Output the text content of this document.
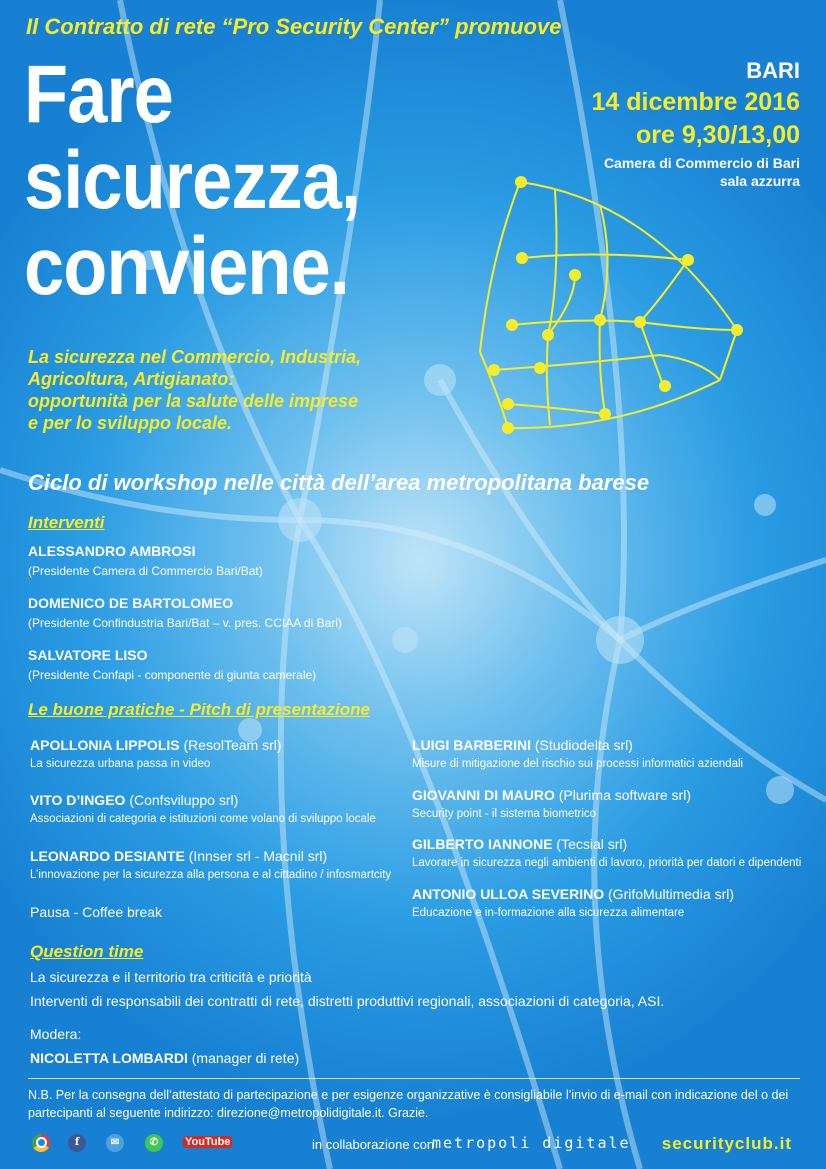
Il Contratto di rete “Pro Security Center” promuove

Fare
sicurezza,
conviene.
BARI
14 dicembre 2016
ore 9,30/13,00
Camera di Commercio di Bari
sala azzurra
La sicurezza nel Commercio, Industria,
Agricoltura, Artigianato:
opportunità per la salute delle imprese
e per lo sviluppo locale.
Ciclo di workshop nelle città dell’area metropolitana barese
Interventi
ALESSANDRO AMBROSI
(Presidente Camera di Commercio Bari/Bat)
DOMENICO DE BARTOLOMEO
(Presidente Confindustria Bari/Bat – v. pres. CCIAA di Bari)
SALVATORE LISO
(Presidente Confapi - componente di giunta camerale)
Le buone pratiche - Pitch di presentazione
APOLLONIA LIPPOLIS (ResolTeam srl)
La sicurezza urbana passa in video
VITO D’INGEO (Confsviluppo srl)
Associazioni di categoria e istituzioni come volano di sviluppo locale
LEONARDO DESIANTE (Innser srl - Macnil srl)
L’innovazione per la sicurezza alla persona e al cittadino / infosmartcity
Pausa - Coffee break
LUIGI BARBERINI (Studiodelta srl)
Misure di mitigazione del rischio sui processi informatici aziendali
GIOVANNI DI MAURO (Plurima software srl)
Security point - il sistema biometrico
GILBERTO IANNONE (Tecsial srl)
Lavorare in sicurezza negli ambienti di lavoro, priorità per datori e dipendenti
ANTONIO ULLOA SEVERINO (GrifoMultimedia srl)
Educazione e in-formazione alla sicurezza alimentare
Question time
La sicurezza e il territorio tra criticità e priorità
Interventi di responsabili dei contratti di rete, distretti produttivi regionali, associazioni di categoria, ASI.
Modera:
NICOLETTA LOMBARDI (manager di rete)
N.B. Per la consegna dell’attestato di partecipazione e per esigenze organizzative è consigliabile l’invio di e-mail con indicazione del o dei partecipanti al seguente indirizzo: direzione@metropolidigitale.it. Grazie.
f	✉	✆	YouTube	in collaborazione con
metropoli digitale securityclub.it
